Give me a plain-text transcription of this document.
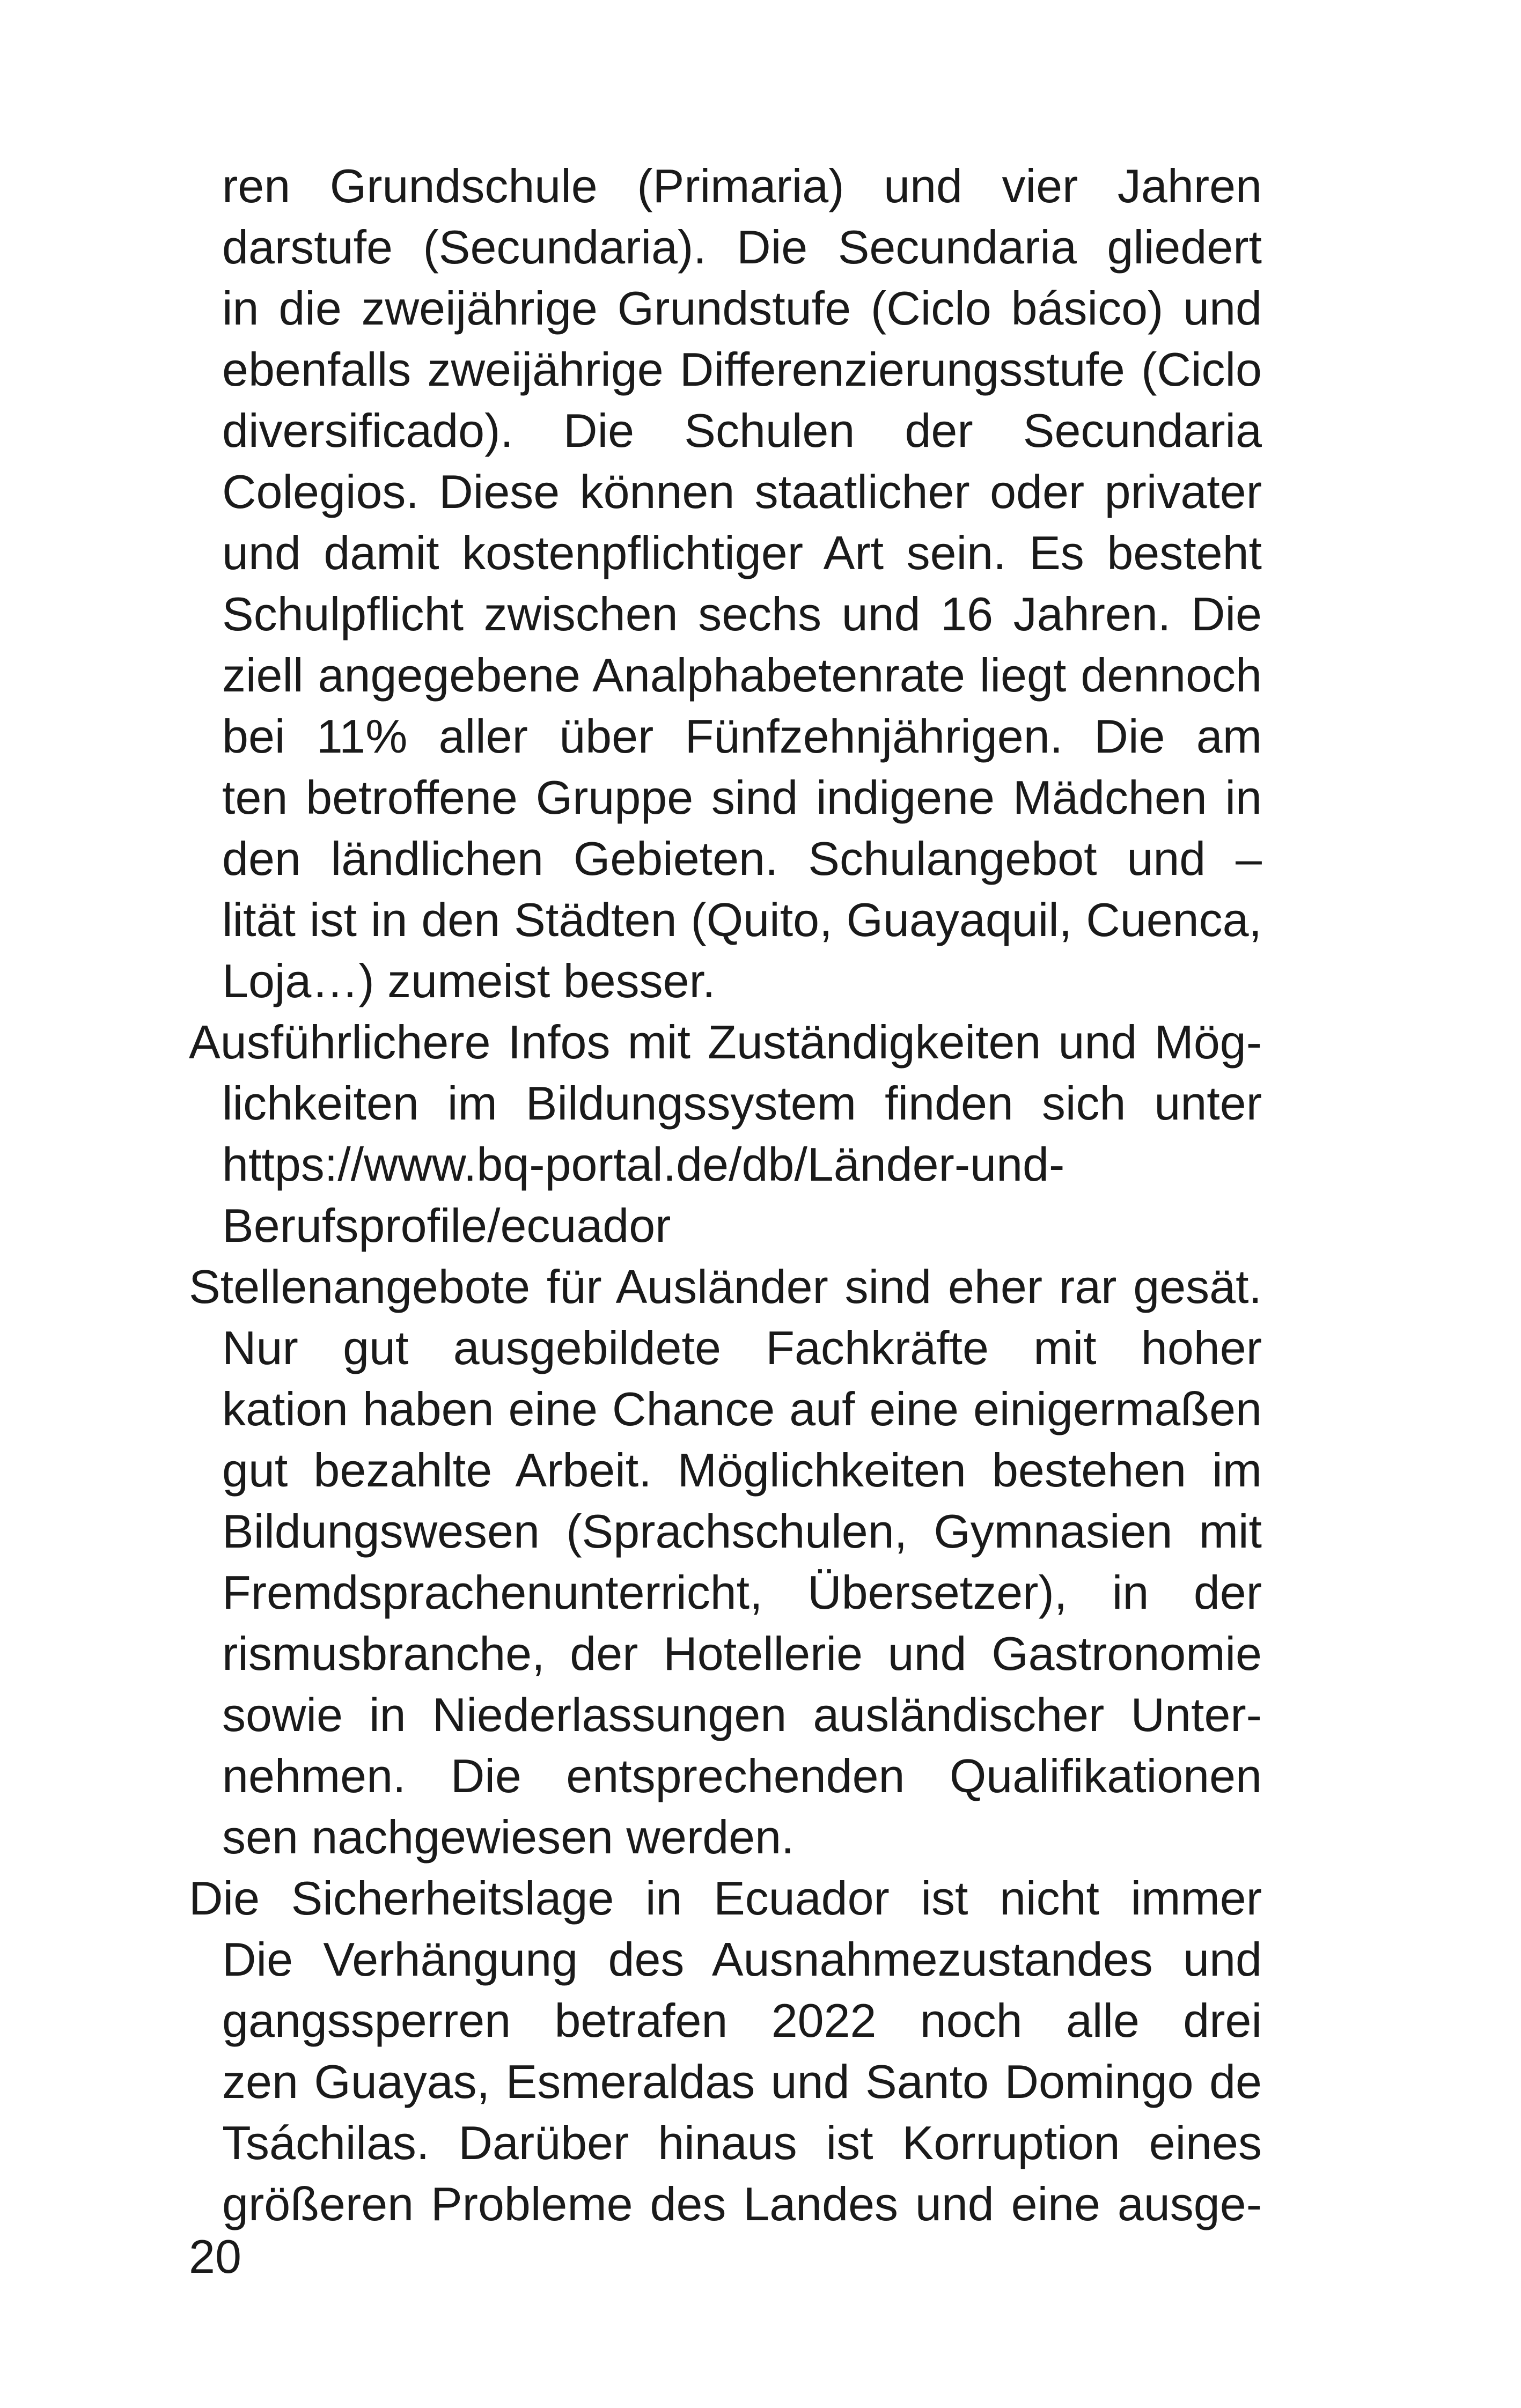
ren Grundschule (Primaria) und vier Jahren
darstufe (Secundaria). Die Secundaria gliedert
in die zweijährige Grundstufe (Ciclo básico) und
ebenfalls zweijährige Differenzierungsstufe (Ciclo
diversificado). Die Schulen der Secundaria
Colegios. Diese können staatlicher oder privater
und damit kostenpflichtiger Art sein. Es besteht
Schulpflicht zwischen sechs und 16 Jahren. Die
ziell angegebene Analphabetenrate liegt dennoch
bei 11% aller über Fünfzehnjährigen. Die am
ten betroffene Gruppe sind indigene Mädchen in
den ländlichen Gebieten. Schulangebot und –
lität ist in den Städten (Quito, Guayaquil, Cuenca,
Loja…) zumeist besser.
Ausführlichere Infos mit Zuständigkeiten und Mög-
lichkeiten im Bildungssystem finden sich unter
https://www.bq-portal.de/db/Länder-und-
Berufsprofile/ecuador
Stellenangebote für Ausländer sind eher rar gesät.
Nur gut ausgebildete Fachkräfte mit hoher
kation haben eine Chance auf eine einigermaßen
gut bezahlte Arbeit. Möglichkeiten bestehen im
Bildungswesen (Sprachschulen, Gymnasien mit
Fremdsprachenunterricht, Übersetzer), in der
rismusbranche, der Hotellerie und Gastronomie
sowie in Niederlassungen ausländischer Unter-
nehmen. Die entsprechenden Qualifikationen
sen nachgewiesen werden.
Die Sicherheitslage in Ecuador ist nicht immer
Die Verhängung des Ausnahmezustandes und
gangssperren betrafen 2022 noch alle drei
zen Guayas, Esmeraldas und Santo Domingo de
Tsáchilas. Darüber hinaus ist Korruption eines
größeren Probleme des Landes und eine ausge-
20
